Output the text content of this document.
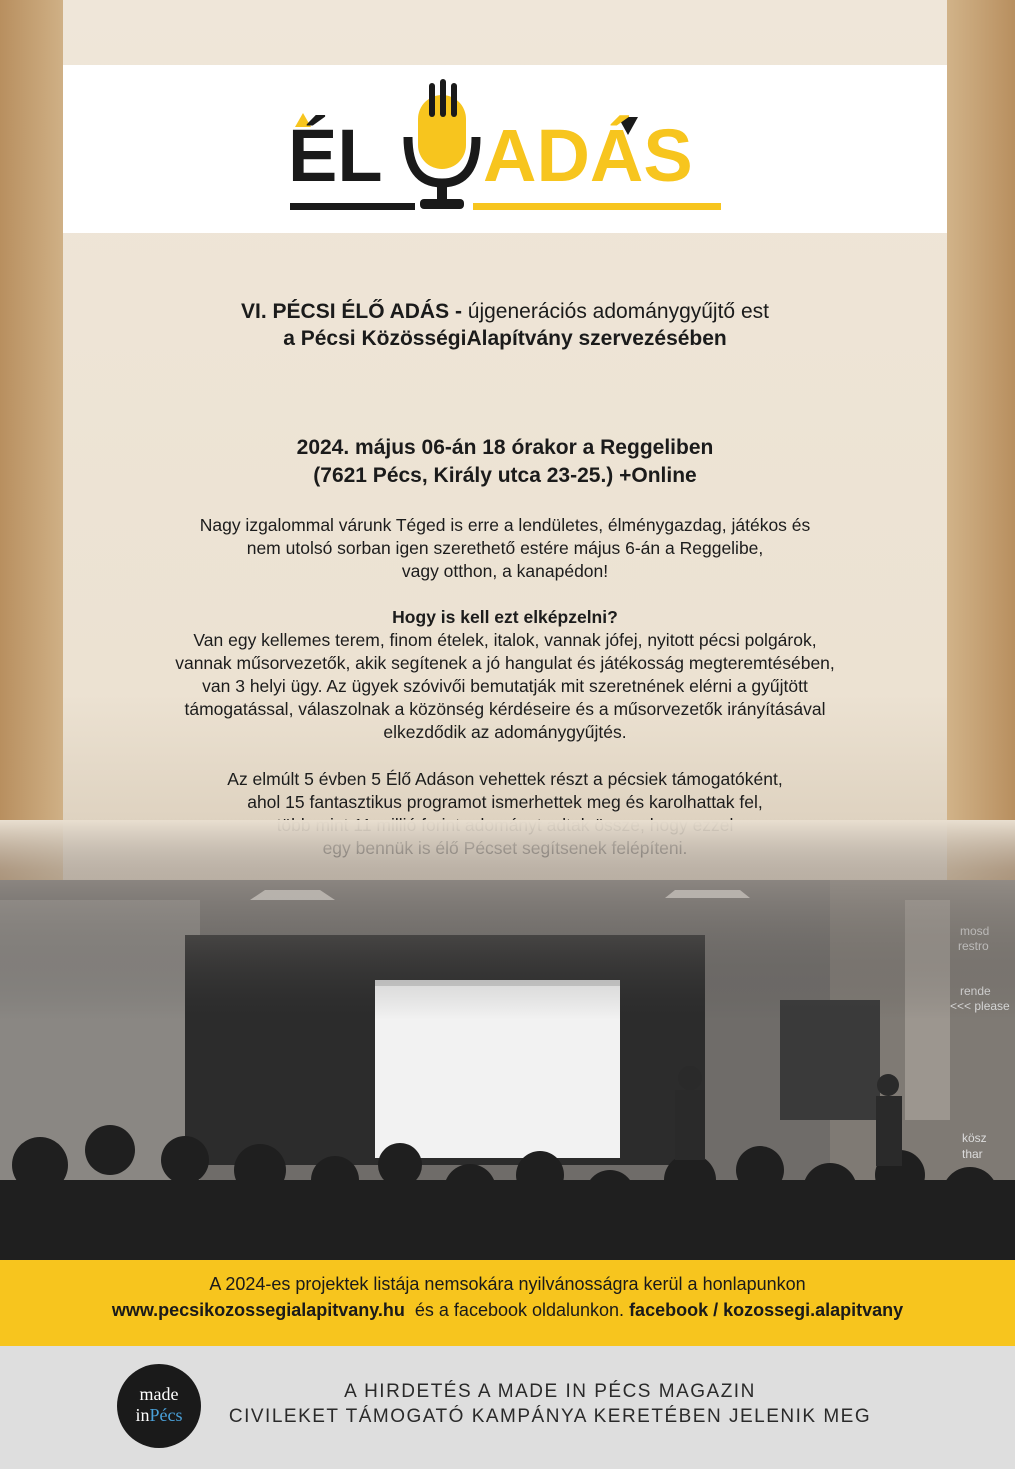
ÉL ADÁS
VI. PÉCSI ÉLŐ ADÁS - újgenerációs adománygyűjtő est
a Pécsi KözösségiAlapítvány szervezésében
2024. május 06-án 18 órakor a Reggeliben
(7621 Pécs, Király utca 23-25.) +Online
Nagy izgalommal várunk Téged is erre a lendületes, élménygazdag, játékos és
nem utolsó sorban igen szerethető estére május 6-án a Reggelibe,
vagy otthon, a kanapédon!
Hogy is kell ezt elképzelni?
Van egy kellemes terem, finom ételek, italok, vannak jófej, nyitott pécsi polgárok,
vannak műsorvezetők, akik segítenek a jó hangulat és játékosság megteremtésében,
van 3 helyi ügy. Az ügyek szóvivői bemutatják mit szeretnének elérni a gyűjtött
támogatással, válaszolnak a közönség kérdéseire és a műsorvezetők irányításával
elkezdődik az adománygyűjtés.
Az elmúlt 5 évben 5 Élő Adáson vehettek részt a pécsiek támogatóként,
ahol 15 fantasztikus programot ismerhettek meg és karolhattak fel,
kösz
thar
A 2024-es projektek listája nemsokára nyilvánosságra kerül a honlapunkon
www.pecsikozossegialapitvany.hu  és a facebook oldalunkon. facebook / kozossegi.alapitvany
made
inPécs
A HIRDETÉS A MADE IN PÉCS MAGAZIN
CIVILEKET TÁMOGATÓ KAMPÁNYA KERETÉBEN JELENIK MEG
